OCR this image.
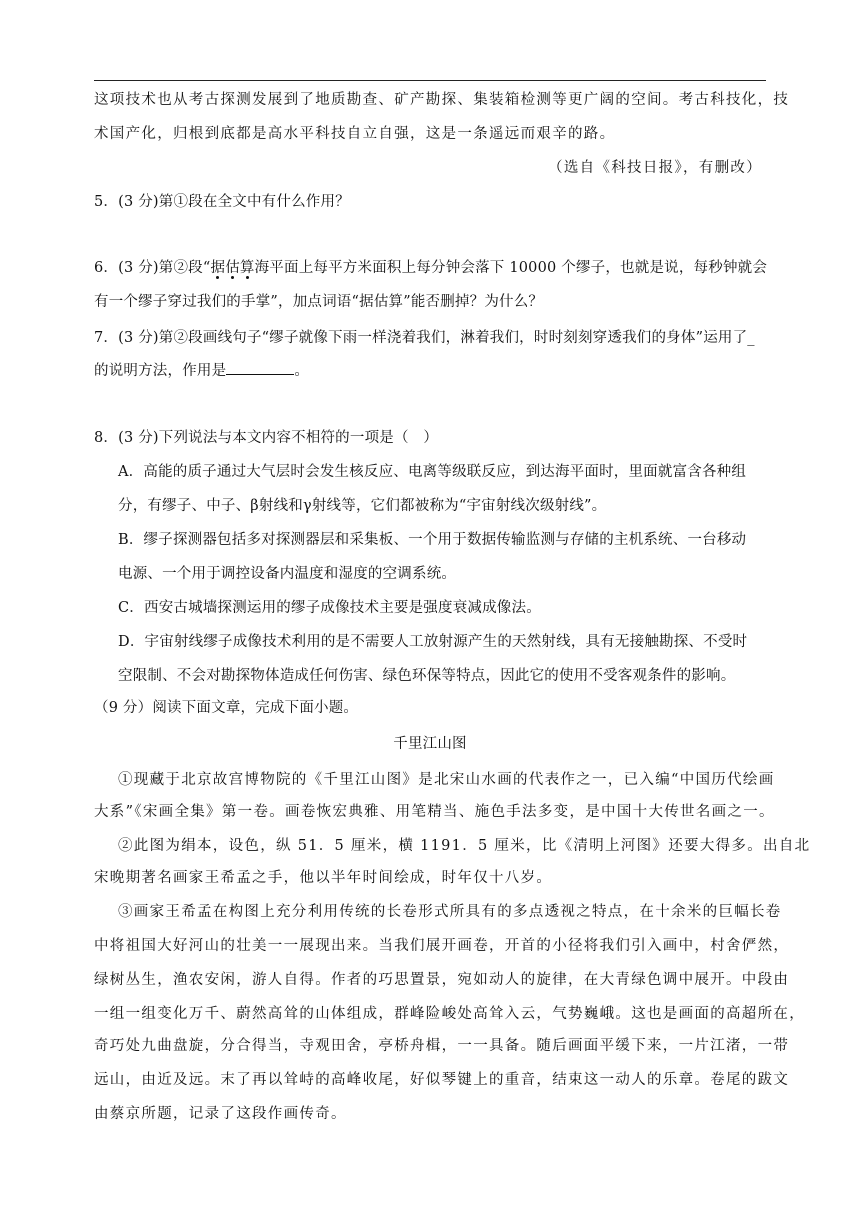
这项技术也从考古探测发展到了地质勘查、矿产勘探、集装箱检测等更广阔的空间。考古科技化，技
术国产化，归根到底都是高水平科技自立自强，这是一条遥远而艰辛的路。
（选自《科技日报》，有删改）
5．(3 分)第①段在全文中有什么作用？
6．(3 分)第②段“据估算海平面上每平方米面积上每分钟会落下 10000 个缪子，也就是说，每秒钟就会
有一个缪子穿过我们的手掌”，加点词语“据估算”能否删掉？为什么？
7．(3 分)第②段画线句子“缪子就像下雨一样浇着我们，淋着我们，时时刻刻穿透我们的身体”运用了_
的说明方法，作用是	。
8．(3 分)下列说法与本文内容不相符的一项是（　）
A．高能的质子通过大气层时会发生核反应、电离等级联反应，到达海平面时，里面就富含各种组
分，有缪子、中子、β射线和γ射线等，它们都被称为“宇宙射线次级射线”。
B．缪子探测器包括多对探测器层和采集板、一个用于数据传输监测与存储的主机系统、一台移动
电源、一个用于调控设备内温度和湿度的空调系统。
C．西安古城墙探测运用的缪子成像技术主要是强度衰减成像法。
D．宇宙射线缪子成像技术利用的是不需要人工放射源产生的天然射线，具有无接触勘探、不受时
空限制、不会对勘探物体造成任何伤害、绿色环保等特点，因此它的使用不受客观条件的影响。
（9 分）阅读下面文章，完成下面小题。
千里江山图
①现藏于北京故宫博物院的《千里江山图》是北宋山水画的代表作之一，已入编“中国历代绘画
大系”《宋画全集》第一卷。画卷恢宏典雅、用笔精当、施色手法多变，是中国十大传世名画之一。
②此图为绢本，设色，纵 51．5 厘米，横 1191．5 厘米，比《清明上河图》还要大得多。出自北
宋晚期著名画家王希孟之手，他以半年时间绘成，时年仅十八岁。
③画家王希孟在构图上充分利用传统的长卷形式所具有的多点透视之特点，在十余米的巨幅长卷
中将祖国大好河山的壮美一一展现出来。当我们展开画卷，开首的小径将我们引入画中，村舍俨然，
绿树丛生，渔农安闲，游人自得。作者的巧思置景，宛如动人的旋律，在大青绿色调中展开。中段由
一组一组变化万千、蔚然高耸的山体组成，群峰险峻处高耸入云，气势巍峨。这也是画面的高超所在，
奇巧处九曲盘旋，分合得当，寺观田舍，亭桥舟楫，一一具备。随后画面平缓下来，一片江渚，一带
远山，由近及远。末了再以耸峙的高峰收尾，好似琴键上的重音，结束这一动人的乐章。卷尾的跋文
由蔡京所题，记录了这段作画传奇。
